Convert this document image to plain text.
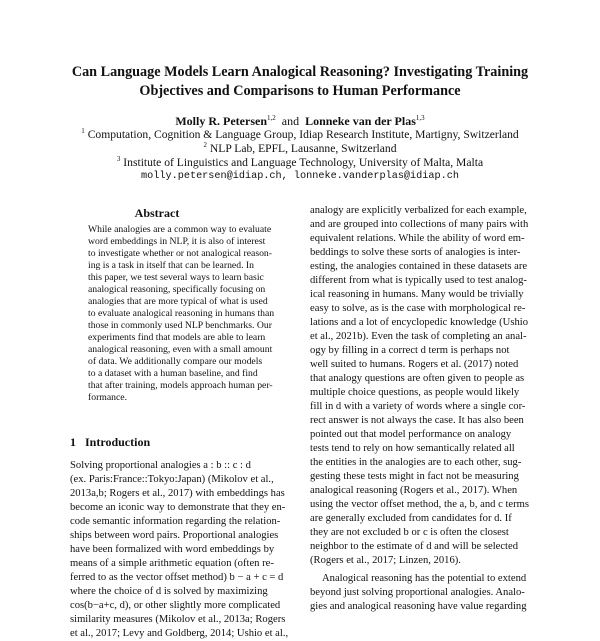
Can Language Models Learn Analogical Reasoning? Investigating Training
Objectives and Comparisons to Human Performance
Molly R. Petersen$^{1,2}$ and Lonneke van der Plas$^{1,3}$
$^1$ Computation, Cognition & Language Group, Idiap Research Institute, Martigny, Switzerland
$^2$ NLP Lab, EPFL, Lausanne, Switzerland
$^3$ Institute of Linguistics and Language Technology, University of Malta, Malta
molly.petersen@idiap.ch, lonneke.vanderplas@idiap.ch
Abstract
While analogies are a common way to evaluate
word embeddings in NLP, it is also of interest
to investigate whether or not analogical reason-
ing is a task in itself that can be learned. In
this paper, we test several ways to learn basic
analogical reasoning, specifically focusing on
analogies that are more typical of what is used
to evaluate analogical reasoning in humans than
those in commonly used NLP benchmarks. Our
experiments find that models are able to learn
analogical reasoning, even with a small amount
of data. We additionally compare our models
to a dataset with a human baseline, and find
that after training, models approach human per-
formance.
1 Introduction
Solving proportional analogies a : b :: c : d
(ex. Paris:France::Tokyo:Japan) (Mikolov et al.,
2013a,b; Rogers et al., 2017) with embeddings has
become an iconic way to demonstrate that they en-
code semantic information regarding the relation-
ships between word pairs. Proportional analogies
have been formalized with word embeddings by
means of a simple arithmetic equation (often re-
ferred to as the vector offset method) b − a + c = d
where the choice of d is solved by maximizing
cos(b−a+c, d), or other slightly more complicated
similarity measures (Mikolov et al., 2013a; Rogers
et al., 2017; Levy and Goldberg, 2014; Ushio et al.,
analogy are explicitly verbalized for each example,
and are grouped into collections of many pairs with
equivalent relations. While the ability of word em-
beddings to solve these sorts of analogies is inter-
esting, the analogies contained in these datasets are
different from what is typically used to test analog-
ical reasoning in humans. Many would be trivially
easy to solve, as is the case with morphological re-
lations and a lot of encyclopedic knowledge (Ushio
et al., 2021b). Even the task of completing an anal-
ogy by filling in a correct d term is perhaps not
well suited to humans. Rogers et al. (2017) noted
that analogy questions are often given to people as
multiple choice questions, as people would likely
fill in d with a variety of words where a single cor-
rect answer is not always the case. It has also been
pointed out that model performance on analogy
tests tend to rely on how semantically related all
the entities in the analogies are to each other, sug-
gesting these tests might in fact not be measuring
analogical reasoning (Rogers et al., 2017). When
using the vector offset method, the a, b, and c terms
are generally excluded from candidates for d. If
they are not excluded b or c is often the closest
neighbor to the estimate of d and will be selected
(Rogers et al., 2017; Linzen, 2016).
Analogical reasoning has the potential to extend
beyond just solving proportional analogies. Analo-
gies and analogical reasoning have value regarding
